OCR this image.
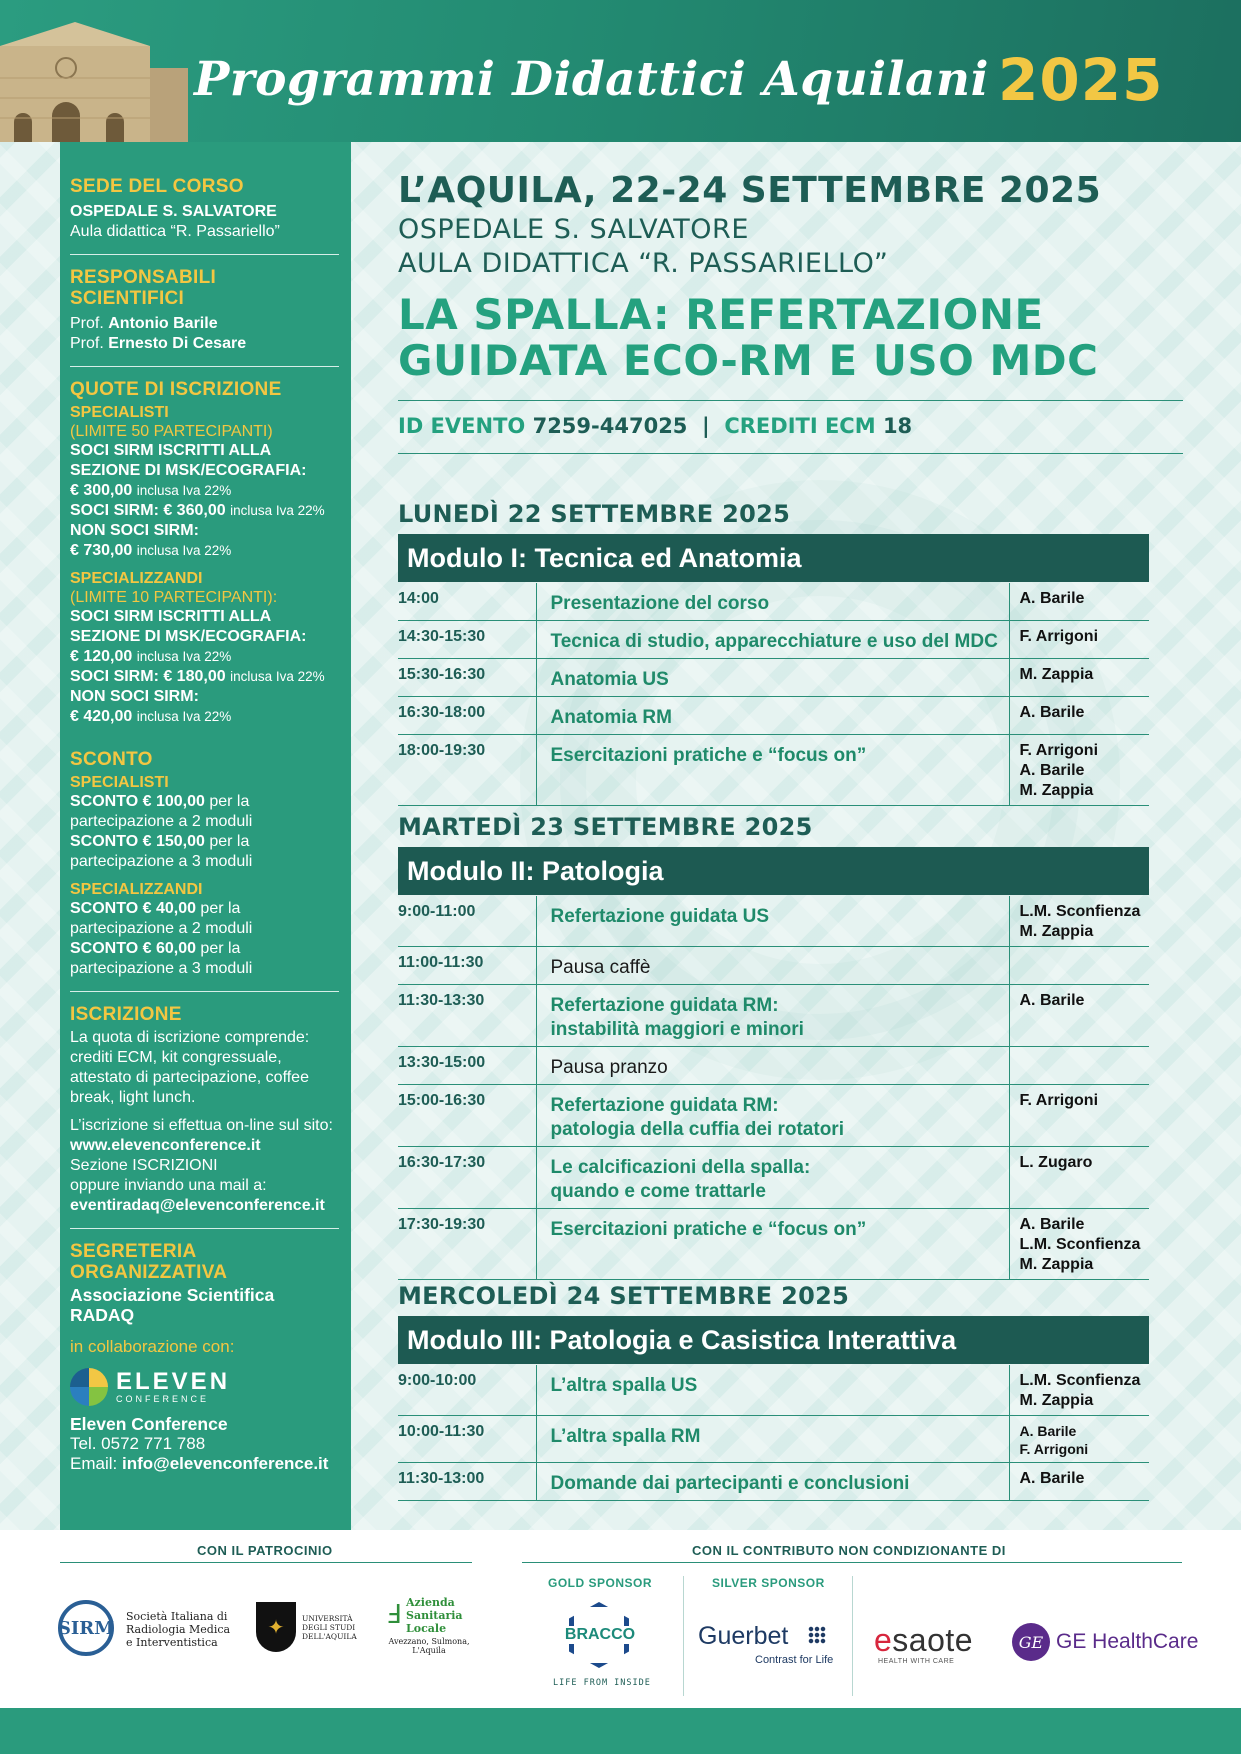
Programmi Didattici Aquilani 2025
SEDE DEL CORSO
OSPEDALE S. SALVATORE
Aula didattica “R. Passariello”
RESPONSABILI
SCIENTIFICI
Prof. Antonio Barile
Prof. Ernesto Di Cesare
QUOTE DI ISCRIZIONE
SPECIALISTI
(LIMITE 50 PARTECIPANTI)
SOCI SIRM ISCRITTI ALLA
SEZIONE DI MSK/ECOGRAFIA:
€ 300,00 inclusa Iva 22%
SOCI SIRM: € 360,00 inclusa Iva 22%
NON SOCI SIRM:
€ 730,00 inclusa Iva 22%
SPECIALIZZANDI
(LIMITE 10 PARTECIPANTI):
SOCI SIRM ISCRITTI ALLA
SEZIONE DI MSK/ECOGRAFIA:
€ 120,00 inclusa Iva 22%
SOCI SIRM: € 180,00 inclusa Iva 22%
NON SOCI SIRM:
€ 420,00 inclusa Iva 22%
SCONTO
SPECIALISTI
SCONTO € 100,00 per la
partecipazione a 2 moduli
SCONTO € 150,00 per la
partecipazione a 3 moduli
SPECIALIZZANDI
SCONTO € 40,00 per la
partecipazione a 2 moduli
SCONTO € 60,00 per la
partecipazione a 3 moduli
ISCRIZIONE
La quota di iscrizione comprende:
crediti ECM, kit congressuale,
attestato di partecipazione, coffee
break, light lunch.
L’iscrizione si effettua on-line sul sito:
www.elevenconference.it
Sezione ISCRIZIONI
oppure inviando una mail a:
eventiradaq@elevenconference.it
SEGRETERIA
ORGANIZZATIVA
Associazione Scientifica
RADAQ
in collaborazione con:
ELEVEN
CONFERENCE
Eleven Conference
Tel. 0572 771 788
Email: info@elevenconference.it
L’AQUILA, 22-24 SETTEMBRE 2025
OSPEDALE S. SALVATORE
AULA DIDATTICA “R. PASSARIELLO”
LA SPALLA: REFERTAZIONE
GUIDATA ECO-RM E USO MDC
ID EVENTO 7259-447025 | CREDITI ECM 18
LUNEDÌ 22 SETTEMBRE 2025
Modulo I: Tecnica ed Anatomia
14:00	Presentazione del corso	A. Barile
14:30-15:30	Tecnica di studio, apparecchiature e uso del MDC	F. Arrigoni
15:30-16:30	Anatomia US	M. Zappia
16:30-18:00	Anatomia RM	A. Barile
18:00-19:30	Esercitazioni pratiche e “focus on”	F. Arrigoni
A. Barile
M. Zappia
MARTEDÌ 23 SETTEMBRE 2025
Modulo II: Patologia
9:00-11:00	Refertazione guidata US	L.M. Sconfienza
M. Zappia
11:00-11:30	Pausa caffè	
11:30-13:30	Refertazione guidata RM:
instabilità maggiori e minori	A. Barile
13:30-15:00	Pausa pranzo	
15:00-16:30	Refertazione guidata RM:
patologia della cuffia dei rotatori	F. Arrigoni
16:30-17:30	Le calcificazioni della spalla:
quando e come trattarle	L. Zugaro
17:30-19:30	Esercitazioni pratiche e “focus on”	A. Barile
L.M. Sconfienza
M. Zappia
MERCOLEDÌ 24 SETTEMBRE 2025
Modulo III: Patologia e Casistica Interattiva
9:00-10:00	L’altra spalla US	L.M. Sconfienza
M. Zappia
10:00-11:30	L’altra spalla RM	A. Barile
F. Arrigoni
11:30-13:00	Domande dai partecipanti e conclusioni	A. Barile
CON IL PATROCINIO	CON IL CONTRIBUTO NON CONDIZIONANTE DI
SIRM
Società Italiana di
Radiologia Medica
e Interventistica
✦	UNIVERSITÀ
DEGLI STUDI
DELL'AQUILA
Ⅎ Azienda
Sanitaria
Locale
Avezzano, Sulmona,
L'Aquila
GOLD SPONSOR	SILVER SPONSOR
BRACCO
LIFE FROM INSIDE
Guerbet
Contrast for Life
esaote
HEALTH WITH CARE
GE GE HealthCare
